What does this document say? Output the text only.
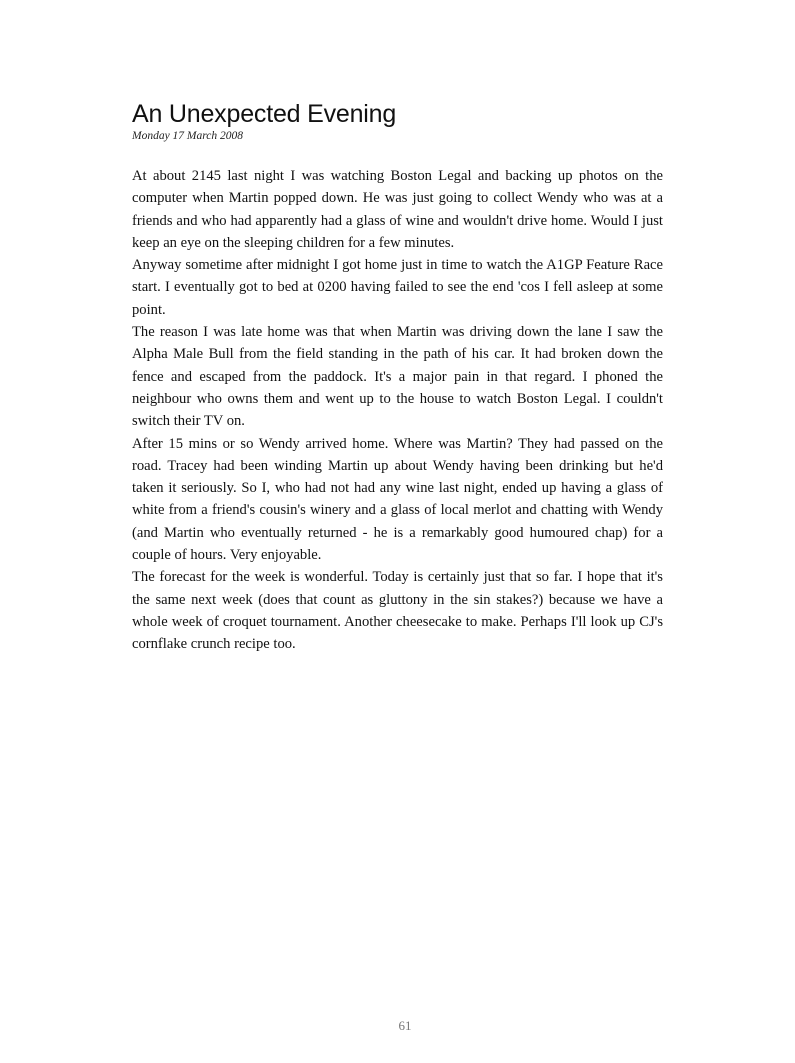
An Unexpected Evening
Monday 17 March 2008

At about 2145 last night I was watching Boston Legal and backing up photos on the computer when Martin popped down. He was just going to collect Wendy who was at a friends and who had apparently had a glass of wine and wouldn't drive home. Would I just keep an eye on the sleeping children for a few minutes.

Anyway sometime after midnight I got home just in time to watch the A1GP Feature Race start. I eventually got to bed at 0200 having failed to see the end 'cos I fell asleep at some point.

The reason I was late home was that when Martin was driving down the lane I saw the Alpha Male Bull from the field standing in the path of his car. It had broken down the fence and escaped from the paddock. It's a major pain in that regard. I phoned the neighbour who owns them and went up to the house to watch Boston Legal. I couldn't switch their TV on.

After 15 mins or so Wendy arrived home. Where was Martin? They had passed on the road. Tracey had been winding Martin up about Wendy having been drinking but he'd taken it seriously. So I, who had not had any wine last night, ended up having a glass of white from a friend's cousin's winery and a glass of local merlot and chatting with Wendy (and Martin who eventually returned - he is a remarkably good humoured chap) for a couple of hours. Very enjoyable.

The forecast for the week is wonderful. Today is certainly just that so far. I hope that it's the same next week (does that count as gluttony in the sin stakes?) because we have a whole week of croquet tournament. Another cheesecake to make. Perhaps I'll look up CJ's cornflake crunch recipe too.

61
